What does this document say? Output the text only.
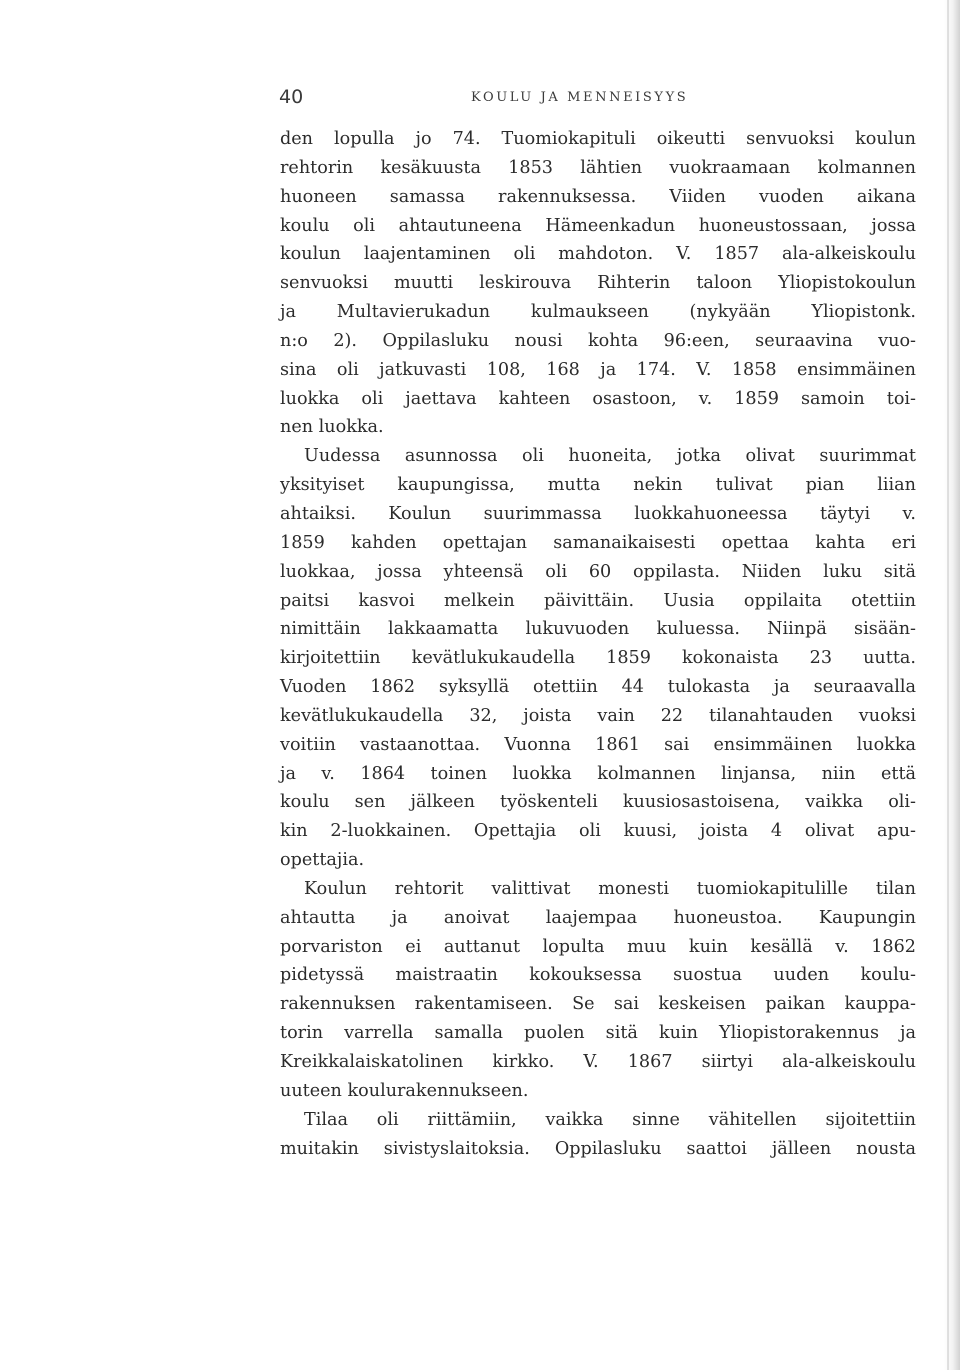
40	KOULU JA MENNEISYYS
den lopulla jo 74. Tuomiokapituli oikeutti senvuoksi koulun
rehtorin kesäkuusta 1853 lähtien vuokraamaan kolmannen
huoneen samassa rakennuksessa. Viiden vuoden aikana
koulu oli ahtautuneena Hämeenkadun huoneustossaan, jossa
koulun laajentaminen oli mahdoton. V. 1857 ala-alkeiskoulu
senvuoksi muutti leskirouva Rihterin taloon Yliopistokoulun
ja Multavierukadun kulmaukseen (nykyään Yliopistonk.
n:o 2). Oppilasluku nousi kohta 96:een, seuraavina vuo-
sina oli jatkuvasti 108, 168 ja 174. V. 1858 ensimmäinen
luokka oli jaettava kahteen osastoon, v. 1859 samoin toi-
nen luokka.
Uudessa asunnossa oli huoneita, jotka olivat suurimmat
yksityiset kaupungissa, mutta nekin tulivat pian liian
ahtaiksi. Koulun suurimmassa luokkahuoneessa täytyi v.
1859 kahden opettajan samanaikaisesti opettaa kahta eri
luokkaa, jossa yhteensä oli 60 oppilasta. Niiden luku sitä
paitsi kasvoi melkein päivittäin. Uusia oppilaita otettiin
nimittäin lakkaamatta lukuvuoden kuluessa. Niinpä sisään-
kirjoitettiin kevätlukukaudella 1859 kokonaista 23 uutta.
Vuoden 1862 syksyllä otettiin 44 tulokasta ja seuraavalla
kevätlukukaudella 32, joista vain 22 tilanahtauden vuoksi
voitiin vastaanottaa. Vuonna 1861 sai ensimmäinen luokka
ja v. 1864 toinen luokka kolmannen linjansa, niin että
koulu sen jälkeen työskenteli kuusiosastoisena, vaikka oli-
kin 2-luokkainen. Opettajia oli kuusi, joista 4 olivat apu-
opettajia.
Koulun rehtorit valittivat monesti tuomiokapitulille tilan
ahtautta ja anoivat laajempaa huoneustoa. Kaupungin
porvariston ei auttanut lopulta muu kuin kesällä v. 1862
pidetyssä maistraatin kokouksessa suostua uuden koulu-
rakennuksen rakentamiseen. Se sai keskeisen paikan kauppa-
torin varrella samalla puolen sitä kuin Yliopistorakennus ja
Kreikkalaiskatolinen kirkko. V. 1867 siirtyi ala-alkeiskoulu
uuteen koulurakennukseen.
Tilaa oli riittämiin, vaikka sinne vähitellen sijoitettiin
muitakin sivistyslaitoksia. Oppilasluku saattoi jälleen nousta
